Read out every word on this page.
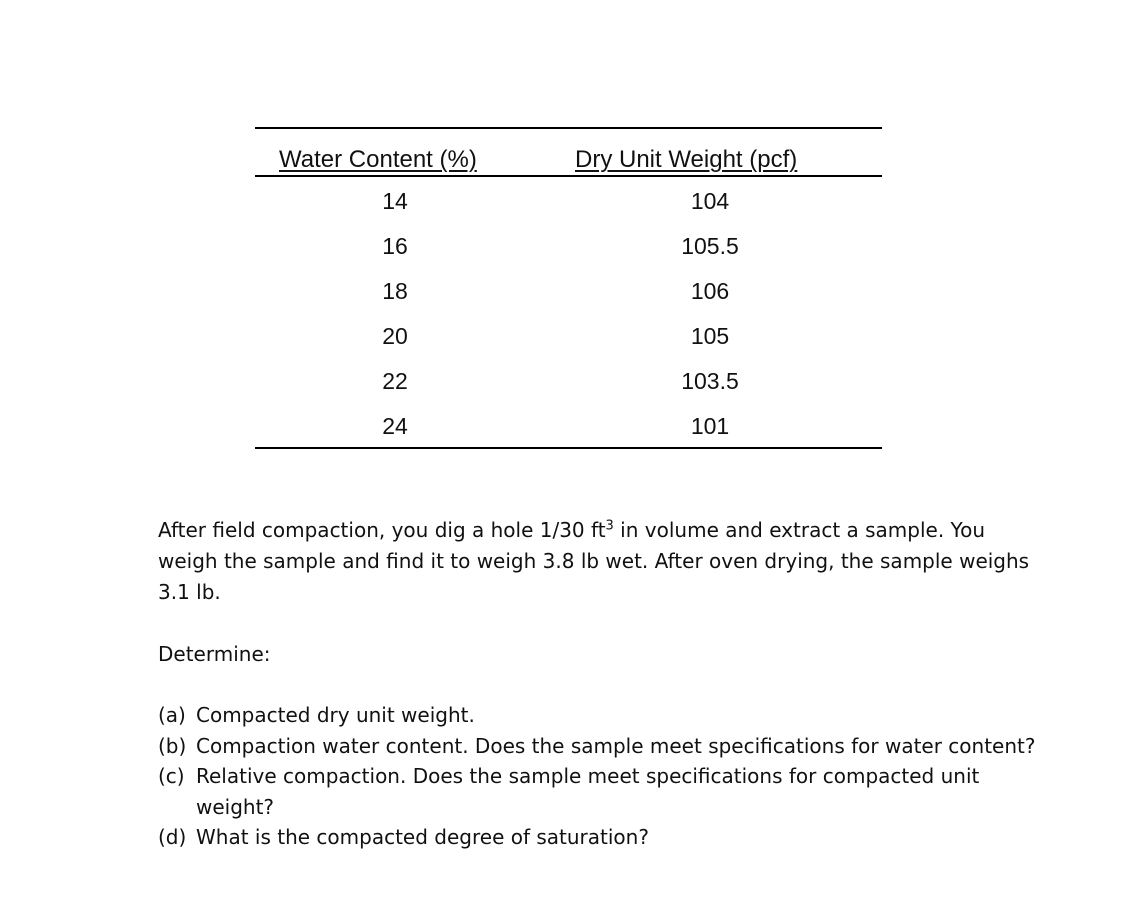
Water Content (%)	Dry Unit Weight (pcf)
14	104
16	105.5
18	106
20	105
22	103.5
24	101

After field compaction, you dig a hole 1/30 $ft^3$ in volume and extract a sample. You weigh the sample and find it to weigh 3.8 lb wet. After oven drying, the sample weighs 3.1 lb.

Determine:

(a) Compacted dry unit weight.
(b) Compaction water content. Does the sample meet specifications for water content?
(c) Relative compaction. Does the sample meet specifications for compacted unit weight?
(d) What is the compacted degree of saturation?
